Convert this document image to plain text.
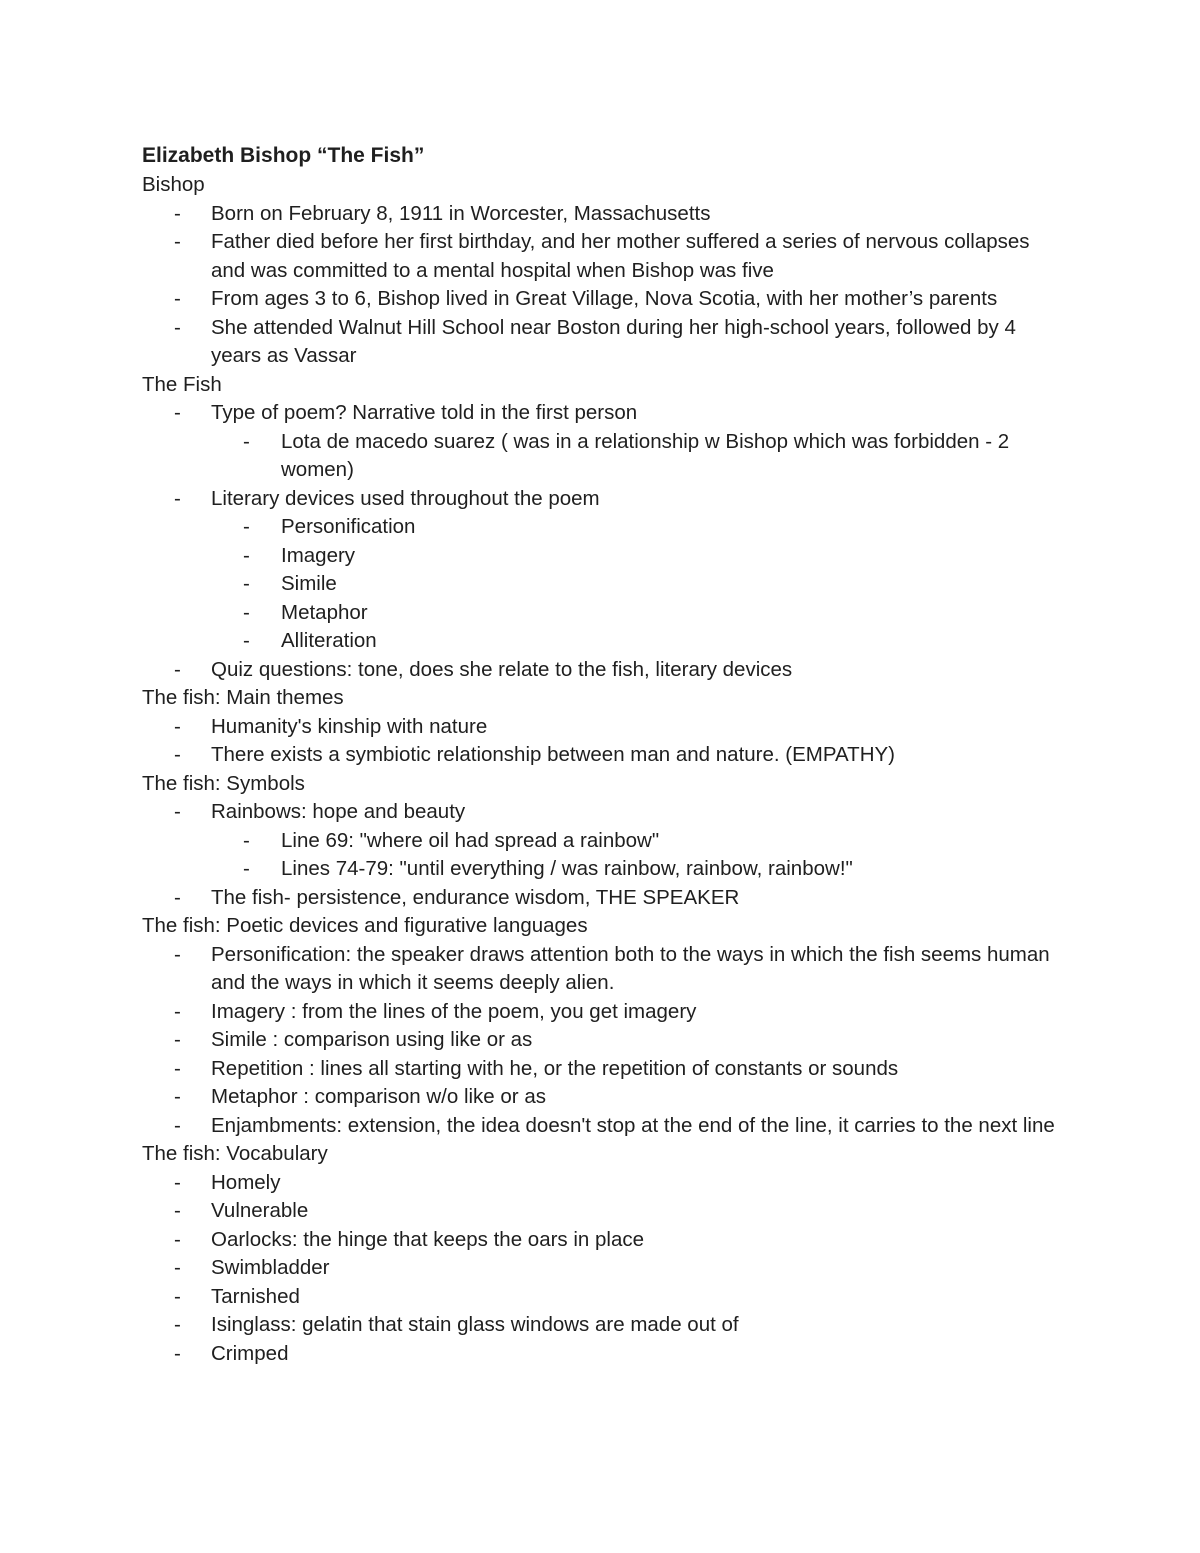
Elizabeth Bishop “The Fish”
Bishop
- Born on February 8, 1911 in Worcester, Massachusetts
- Father died before her first birthday, and her mother suffered a series of nervous collapses and was committed to a mental hospital when Bishop was five
- From ages 3 to 6, Bishop lived in Great Village, Nova Scotia, with her mother’s parents
- She attended Walnut Hill School near Boston during her high-school years, followed by 4 years as Vassar
The Fish
- Type of poem? Narrative told in the first person
- Lota de macedo suarez ( was in a relationship w Bishop which was forbidden - 2 women)
- Literary devices used throughout the poem
- Personification
- Imagery
- Simile
- Metaphor
- Alliteration
- Quiz questions: tone, does she relate to the fish, literary devices
The fish: Main themes
- Humanity's kinship with nature
- There exists a symbiotic relationship between man and nature. (EMPATHY)
The fish: Symbols
- Rainbows: hope and beauty
- Line 69: "where oil had spread a rainbow"
- Lines 74-79: "until everything / was rainbow, rainbow, rainbow!"
- The fish- persistence, endurance wisdom, THE SPEAKER
The fish: Poetic devices and figurative languages
- Personification: the speaker draws attention both to the ways in which the fish seems human and the ways in which it seems deeply alien.
- Imagery : from the lines of the poem, you get imagery
- Simile : comparison using like or as
- Repetition : lines all starting with he, or the repetition of constants or sounds
- Metaphor : comparison w/o like or as
- Enjambments: extension, the idea doesn't stop at the end of the line, it carries to the next line
The fish: Vocabulary
- Homely
- Vulnerable
- Oarlocks: the hinge that keeps the oars in place
- Swimbladder
- Tarnished
- Isinglass: gelatin that stain glass windows are made out of
- Crimped
